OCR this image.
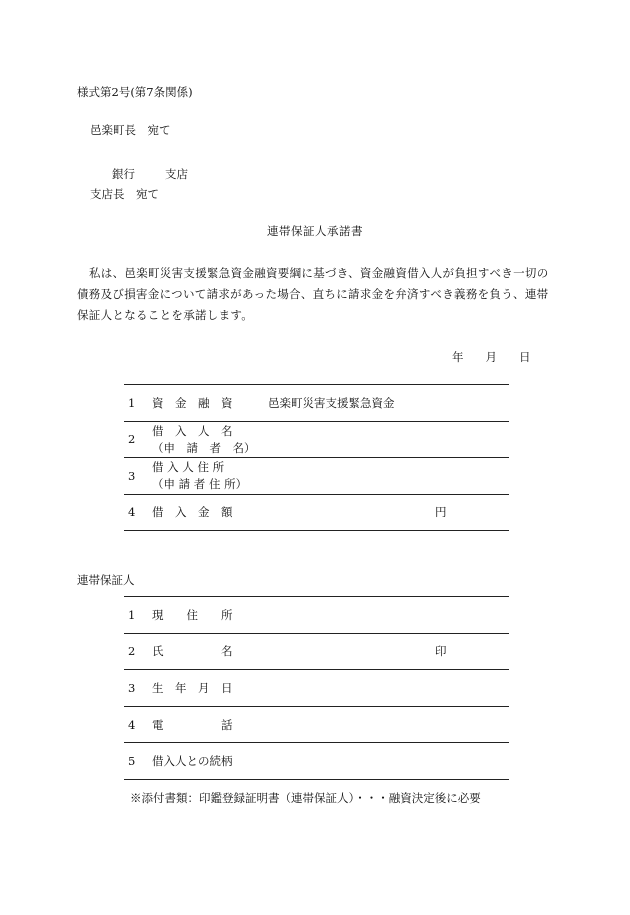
様式第2号(第7条関係)
邑楽町長　宛て
銀行	支店
支店長　宛て
連帯保証人承諾書
私は、邑楽町災害支援緊急資金融資要綱に基づき、資金融資借入人が負担すべき一切の債務及び損害金について請求があった場合、直ちに請求金を弁済すべき義務を負う、連帯保証人となることを承諾します。
年 月 日
1	資　金　融　資	邑楽町災害支援緊急資金	
2	借　入　人　名
（申　請　者　名）		

3	借 入 人 住 所
（申 請 者 住 所）		

4	借　入　金　額		円
連帯保証人
1	現　　住　　所		
2	氏　　　　　名		印
3	生　年　月　日		
4	電　　　　　話		
5	借入人との続柄		
※添付書類：印鑑登録証明書（連帯保証人）・・・融資決定後に必要
